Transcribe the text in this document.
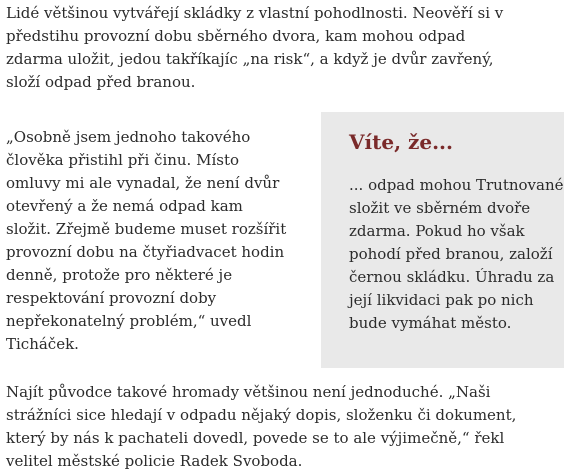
Lidé většinou vytvářejí skládky z vlastní pohodlnosti. Neověří si v
předstihu provozní dobu sběrného dvora, kam mohou odpad
zdarma uložit, jedou takříkajíc „na risk“, a když je dvůr zavřený,
složí odpad před branou.

„Osobně jsem jednoho takového
člověka přistihl při činu. Místo
omluvy mi ale vynadal, že není dvůr
otevřený a že nemá odpad kam
složit. Zřejmě budeme muset rozšířit
provozní dobu na čtyřiadvacet hodin
denně, protože pro některé je
respektování provozní doby
nepřekonatelný problém,“ uvedl
Ticháček.

Víte, že...
... odpad mohou Trutnované
složit ve sběrném dvoře
zdarma. Pokud ho však
pohodí před branou, založí
černou skládku. Úhradu za
její likvidaci pak po nich
bude vymáhat město.

Najít původce takové hromady většinou není jednoduché. „Naši
strážníci sice hledají v odpadu nějaký dopis, složenku či dokument,
který by nás k pachateli dovedl, povede se to ale výjimečně,“ řekl
velitel městské policie Radek Svoboda.
